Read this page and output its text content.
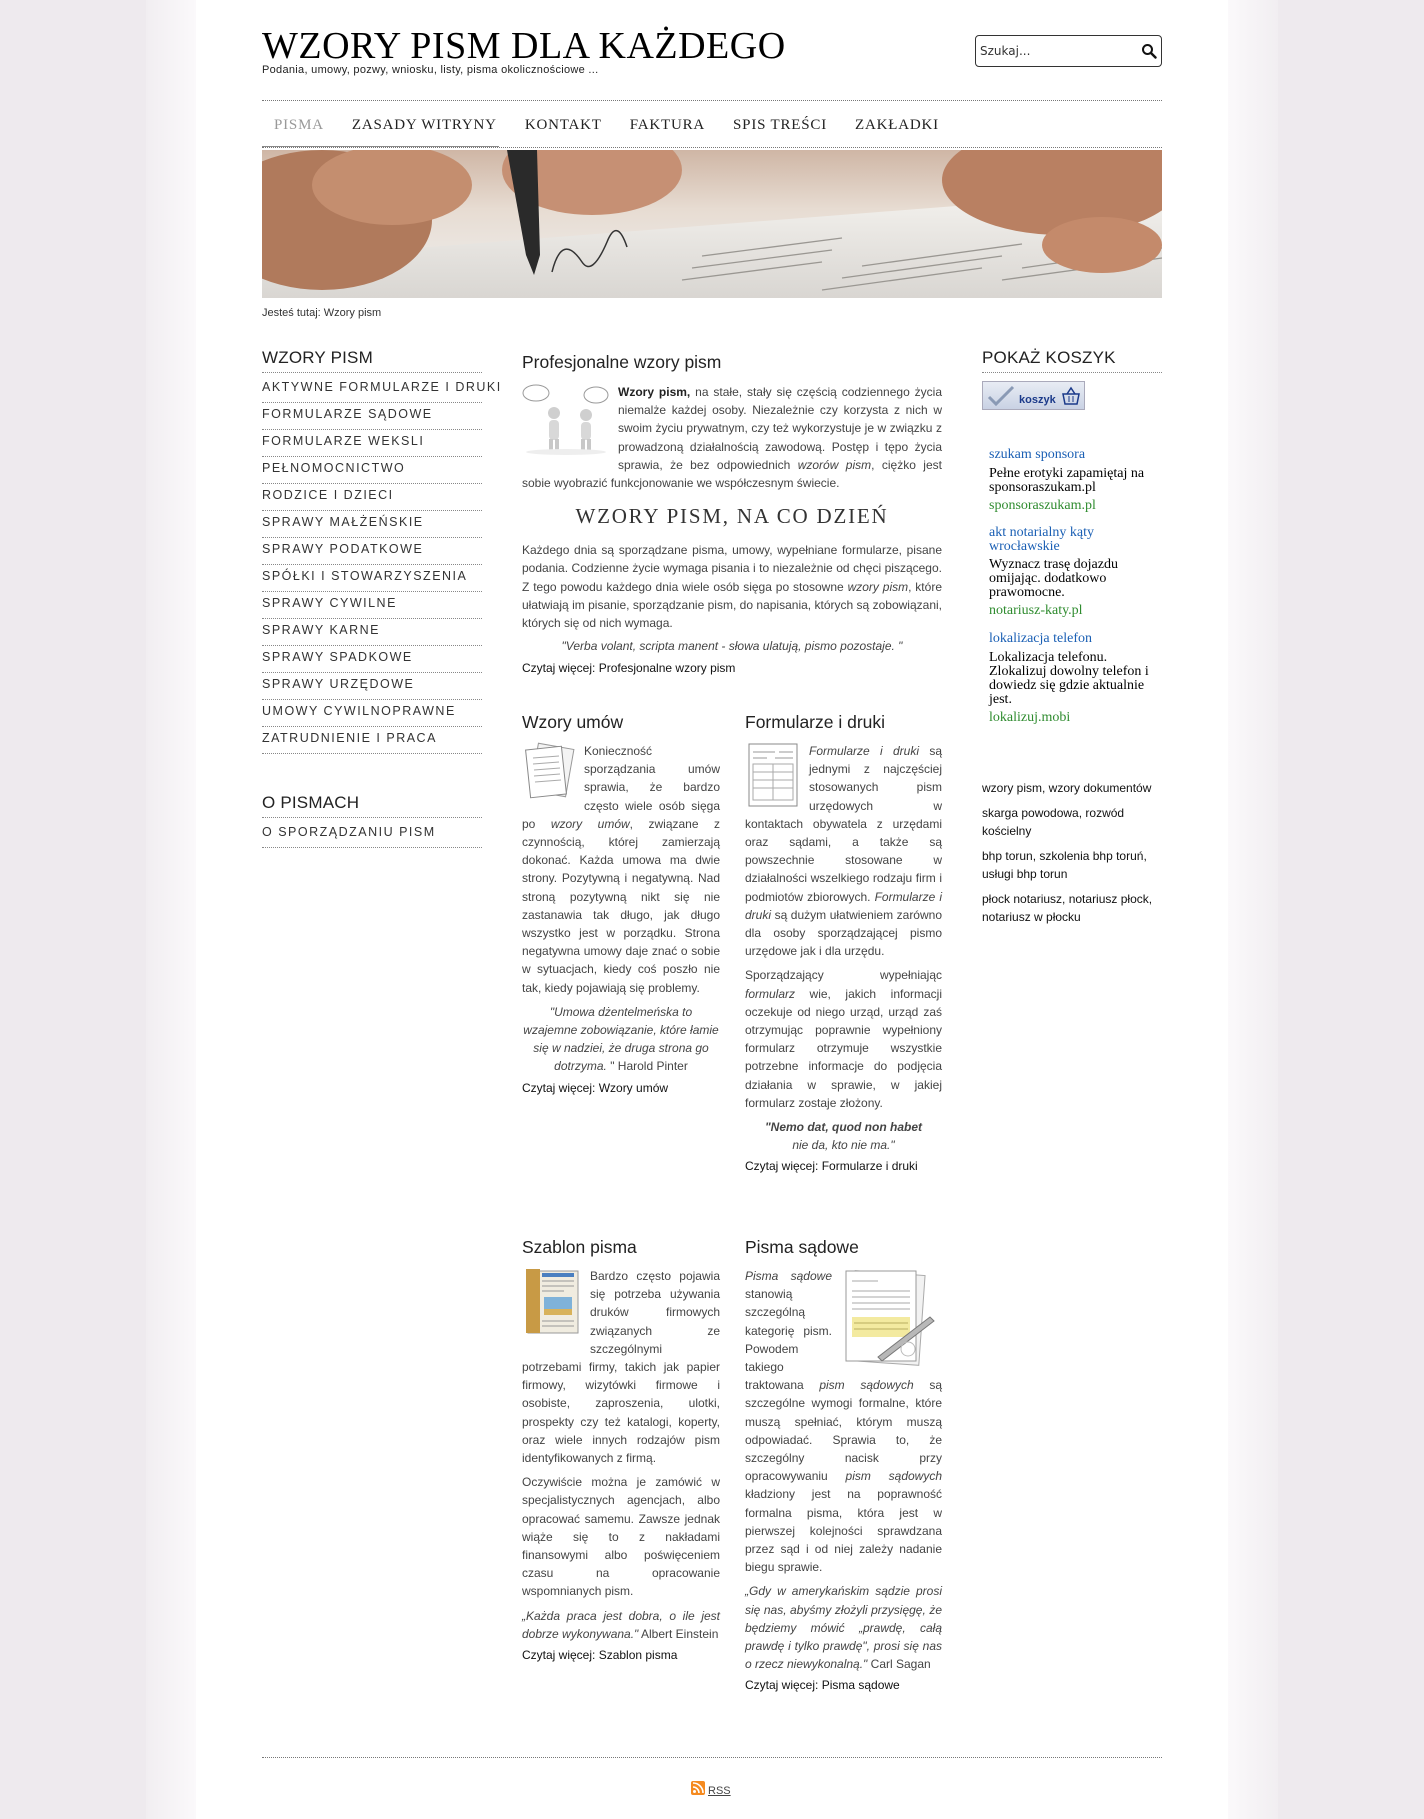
WZORY PISM DLA KAŻDEGO
Podania, umowy, pozwy, wniosku, listy, pisma okolicznościowe ...
Szukaj...
PISMA	ZASADY WITRYNY	KONTAKT	FAKTURA	SPIS TREŚCI	ZAKŁADKI
Jesteś tutaj: Wzory pism
WZORY PISM
AKTYWNE FORMULARZE I DRUKI
FORMULARZE SĄDOWE
FORMULARZE WEKSLI
PEŁNOMOCNICTWO
RODZICE I DZIECI
SPRAWY MAŁŻEŃSKIE
SPRAWY PODATKOWE
SPÓŁKI I STOWARZYSZENIA
SPRAWY CYWILNE
SPRAWY KARNE
SPRAWY SPADKOWE
SPRAWY URZĘDOWE
UMOWY CYWILNOPRAWNE
ZATRUDNIENIE I PRACA
O PISMACH
O SPORZĄDZANIU PISM
Profesjonalne wzory pism
Wzory pism, na stałe, stały się częścią codziennego życia niemalże każdej osoby. Niezależnie czy korzysta z nich w swoim życiu prywatnym, czy też wykorzystuje je w związku z prowadzoną działalnością zawodową. Postęp i tępo życia sprawia, że bez odpowiednich wzorów pism, ciężko jest sobie wyobrazić funkcjonowanie we współczesnym świecie.
WZORY PISM, NA CO DZIEŃ
Każdego dnia są sporządzane pisma, umowy, wypełniane formularze, pisane podania. Codzienne życie wymaga pisania i to niezależnie od chęci piszącego. Z tego powodu każdego dnia wiele osób sięga po stosowne wzory pism, które ułatwiają im pisanie, sporządzanie pism, do napisania, których są zobowiązani, których się od nich wymaga.
"Verba volant, scripta manent - słowa ulatują, pismo pozostaje. "
Czytaj więcej: Profesjonalne wzory pism
Wzory umów
Konieczność sporządzania umów sprawia, że bardzo często wiele osób sięga po wzory umów, związane z czynnością, której zamierzają dokonać. Każda umowa ma dwie strony. Pozytywną i negatywną. Nad stroną pozytywną nikt się nie zastanawia tak długo, jak długo wszystko jest w porządku. Strona negatywna umowy daje znać o sobie w sytuacjach, kiedy coś poszło nie tak, kiedy pojawiają się problemy.
"Umowa dżentelmeńska to wzajemne zobowiązanie, które łamie się w nadziei, że druga strona go dotrzyma. " Harold Pinter
Czytaj więcej: Wzory umów
Formularze i druki
Formularze i druki są jednymi z najczęściej stosowanych pism urzędowych w kontaktach obywatela z urzędami oraz sądami, a także są powszechnie stosowane w działalności wszelkiego rodzaju firm i podmiotów zbiorowych. Formularze i druki są dużym ułatwieniem zarówno dla osoby sporządzającej pismo urzędowe jak i dla urzędu.
Sporządzający wypełniając formularz wie, jakich informacji oczekuje od niego urząd, urząd zaś otrzymując poprawnie wypełniony formularz otrzymuje wszystkie potrzebne informacje do podjęcia działania w sprawie, w jakiej formularz zostaje złożony.
"Nemo dat, quod non habet
nie da, kto nie ma."
Czytaj więcej: Formularze i druki
Szablon pisma
Bardzo często pojawia się potrzeba używania druków firmowych związanych ze szczególnymi potrzebami firmy, takich jak papier firmowy, wizytówki firmowe i osobiste, zaproszenia, ulotki, prospekty czy też katalogi, koperty, oraz wiele innych rodzajów pism identyfikowanych z firmą.
Oczywiście można je zamówić w specjalistycznych agencjach, albo opracować samemu. Zawsze jednak wiąże się to z nakładami finansowymi albo poświęceniem czasu na opracowanie wspomnianych pism.
„Każda praca jest dobra, o ile jest dobrze wykonywana." Albert Einstein
Czytaj więcej: Szablon pisma
Pisma sądowe
Pisma sądowe stanowią szczególną kategorię pism. Powodem takiego traktowana pism sądowych są szczególne wymogi formalne, które muszą spełniać, którym muszą odpowiadać. Sprawia to, że szczególny nacisk przy opracowywaniu pism sądowych kładziony jest na poprawność formalna pisma, która jest w pierwszej kolejności sprawdzana przez sąd i od niej zależy nadanie biegu sprawie.
„Gdy w amerykańskim sądzie prosi się nas, abyśmy złożyli przysięgę, że będziemy mówić „prawdę, całą prawdę i tylko prawdę", prosi się nas o rzecz niewykonalną." Carl Sagan
Czytaj więcej: Pisma sądowe
POKAŻ KOSZYK
koszyk
szukam sponsora
Pełne erotyki zapamiętaj na sponsoraszukam.pl
sponsoraszukam.pl
akt notarialny kąty wrocławskie
Wyznacz trasę dojazdu omijając. dodatkowo prawomocne.
notariusz-katy.pl
lokalizacja telefon
Lokalizacja telefonu. Zlokalizuj dowolny telefon i dowiedz się gdzie aktualnie jest.
lokalizuj.mobi
wzory pism, wzory dokumentów
skarga powodowa, rozwód kościelny
bhp torun, szkolenia bhp toruń, usługi bhp torun
płock notariusz, notariusz płock, notariusz w płocku
RSS
